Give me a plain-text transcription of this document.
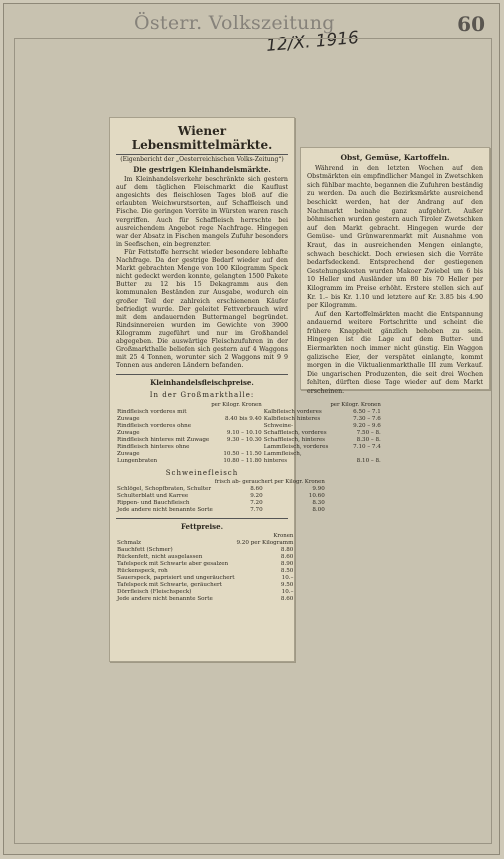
Österr. Volkszeitung	60
12/X. 1916
Wiener Lebensmittelmärkte.
(Eigenbericht der „Oesterreichischen Volks-Zeitung“)
Die gestrigen Kleinhandelsmärkte.

Im Kleinhandelsverkehr beschränkte sich gestern auf dem täglichen Fleischmarkt die Kauflust angesichts des fleischlosen Tages bloß auf die erlaubten Weichwurstsorten, auf Schaffleisch und Fische. Die geringen Vorräte in Würsten waren rasch vergriffen. Auch für Schaffleisch herrschte bei ausreichendem Angebot rege Nachfrage. Hingegen war der Absatz in Fischen mangels Zufuhr besonders in Seefischen, ein begrenzter.

Für Fettstoffe herrscht wieder besondere lebhafte Nachfrage. Da der gestrige Bedarf wieder auf den Markt gebrachten Menge von 100 Kilogramm Speck nicht gedeckt werden konnte, gelangten 1500 Pakete Butter zu 12 bis 15 Dekagramm aus den kommunalen Beständen zur Ausgabe, wodurch ein großer Teil der zahlreich erschienenen Käufer befriedigt wurde. Der geleitet Fettverbrauch wird mit dem andauernden Buttermangel begründet. Rindsinnereien wurden im Gewichte von 3900 Kilogramm zugeführt und nur im Großhandel abgegeben. Die auswärtige Fleischzufuhren in der Großmarkthalle beliefen sich gestern auf 4 Waggons mit 25 4 Tonnen, worunter sich 2 Waggons mit 9 9 Tonnen aus anderen Ländern befanden.

Kleinhandelsfleischpreise.
In der Großmarkthalle:
	per Kilogr. Kronen		per Kilogr. Kronen
Rindfleisch vorderes mit		Kalbfleisch vorderes	6.50 – 7.1
Zuwage	8.40 bis 9.40	Kalbfleisch hinteres	7.30 – 7.6
Rindfleisch vorderes ohne		Schweine-	9.20 – 9.6
Zuwage	9.10 – 10.10	Schaffleisch, vorderes	7.50 – 8.
Rindfleisch hinteres mit Zuwage	9.30 – 10.30	Schaffleisch, hinteres	8.30 – 8.
Rindfleisch hinteres ohne		Lammfleisch, vorderes	7.10 – 7.4
Zuwage	10.50 – 11.50	Lammfleisch,	
Lungenbraten	10.80 – 11.80	hinteres	8.10 – 8.
Schweinefleisch
	frisch ab- gerauchert per Kilogr. Kronen	
Schlögel, Schopfbraten, Schulter	8.60	9.90
Schulterblatt und Karree	9.20	10.60
Rippen- und Bauchfleisch	7.20	8.30
Jede andere nicht benannte Sorte	7.70	8.00
Fettpreise.
	Kronen
Schmalz	9.20 per Kilogramm
Bauchfett (Schmer)	8.80
Rückenfett, nicht ausgelassen	8.60
Tafelspeck mit Schwarte aber gesalzen	8.90
Rückenspeck, roh	8.50
Sauerspeck, paprisiert und ungeräuchert	10.–
Tafelspeck mit Schwarte, geräuchert	9.50
Dörrfleisch (Fleischspeck)	10.–
Jede andere nicht benannte Sorte	8.60
Obst, Gemüse, Kartoffeln.

Während in den letzten Wochen auf den Obstmärkten ein empfindlicher Mangel in Zwetschken sich fühlbar machte, begannen die Zufuhren beständig zu werden. Da auch die Bezirksmärkte ausreichend beschickt werden, hat der Andrang auf den Nachmarkt beinahe ganz aufgehört. Außer böhmischen wurden gestern auch Tiroler Zwetschken auf den Markt gebracht. Hingegen wurde der Gemüse- und Grünwarenmarkt mit Ausnahme von Kraut, das in ausreichenden Mengen einlangte, schwach beschickt. Doch erwiesen sich die Vorräte bedarfsdeckend. Entsprechend der gestiegenen Gestehungskosten wurden Makoer Zwiebel um 6 bis 10 Heller und Ausländer um 80 bis 70 Heller per Kilogramm im Preise erhöht. Erstere stellen sich auf Kr. 1.– bis Kr. 1.10 und letztere auf Kr. 3.85 bis 4.90 per Kilogramm.

Auf den Kartoffelmärkten macht die Entspannung andauernd weitere Fortschritte und scheint die frühere Knappheit gänzlich behoben zu sein. Hingegen ist die Lage auf dem Butter- und Eiermarkten noch immer nicht günstig. Ein Waggon galizische Eier, der verspätet einlangte, kommt morgen in die Viktualienmarkthalle III zum Verkauf. Die ungarischen Produzenten, die seit drei Wochen fehlten, dürften diese Tage wieder auf dem Markt erscheinen.
